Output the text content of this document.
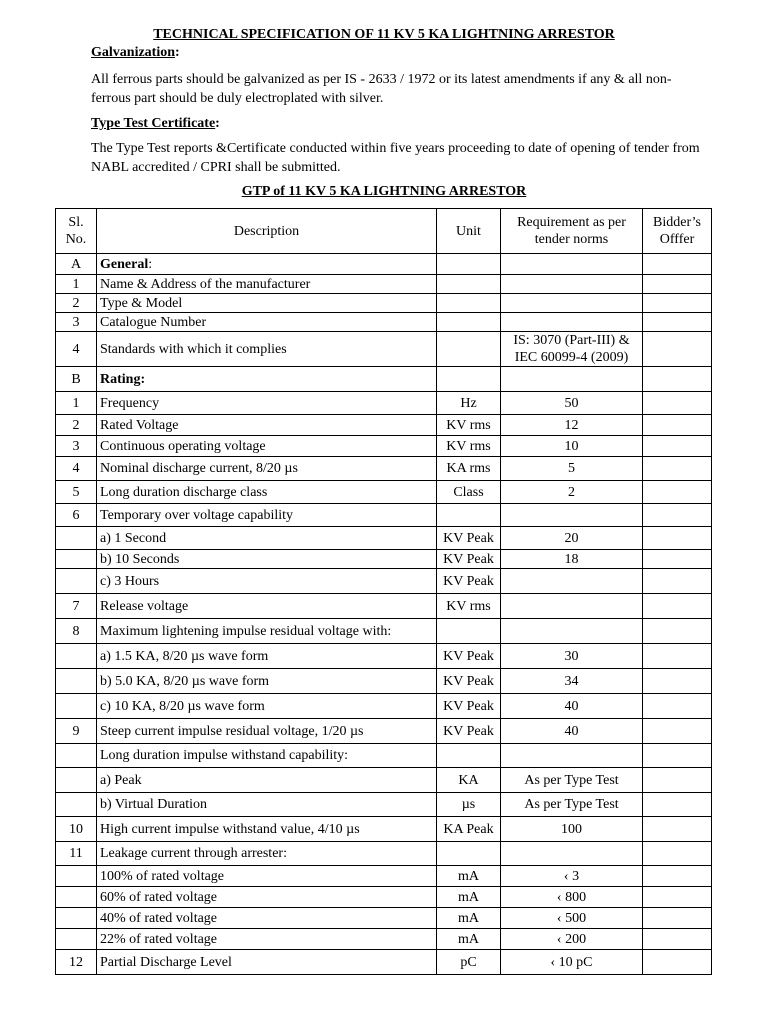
TECHNICAL SPECIFICATION OF 11 KV 5 KA LIGHTNING ARRESTOR
Galvanization:
All ferrous parts should be galvanized as per IS - 2633 / 1972 or its latest amendments if any & all non-ferrous part should be duly electroplated with silver.
Type Test Certificate:
The Type Test reports &Certificate conducted within five years proceeding to date of opening of tender from NABL accredited / CPRI shall be submitted.
GTP of 11 KV 5 KA LIGHTNING ARRESTOR
Sl.
No.	Description	Unit	Requirement as per
tender norms	Bidder’s
Offfer
A	General:			
1	Name & Address of the manufacturer			
2	Type & Model			
3	Catalogue Number			
4	Standards with which it complies		IS: 3070 (Part-III) &
IEC 60099-4 (2009)	
B	Rating:			
1	Frequency	Hz	50	
2	Rated Voltage	KV rms	12	
3	Continuous operating voltage	KV rms	10	
4	Nominal discharge current, 8/20 µs	KA rms	5	
5	Long duration discharge class	Class	2	
6	Temporary over voltage capability			
	a) 1 Second	KV Peak	20	
	b) 10 Seconds	KV Peak	18	
	c) 3 Hours	KV Peak		
7	Release voltage	KV rms		
8	Maximum lightening impulse residual voltage with:			
	a) 1.5 KA, 8/20 µs wave form	KV Peak	30	
	b) 5.0 KA, 8/20 µs wave form	KV Peak	34	
	c) 10 KA, 8/20 µs wave form	KV Peak	40	
9	Steep current impulse residual voltage, 1/20 µs	KV Peak	40	
	Long duration impulse withstand capability:			
	a) Peak	KA	As per Type Test	
	b) Virtual Duration	µs	As per Type Test	
10	High current impulse withstand value, 4/10 µs	KA Peak	100	
11	Leakage current through arrester:			
	100% of rated voltage	mA	‹ 3	
	60% of rated voltage	mA	‹ 800	
	40% of rated voltage	mA	‹ 500	
	22% of rated voltage	mA	‹ 200	
12	Partial Discharge Level	pC	‹ 10 pC	
